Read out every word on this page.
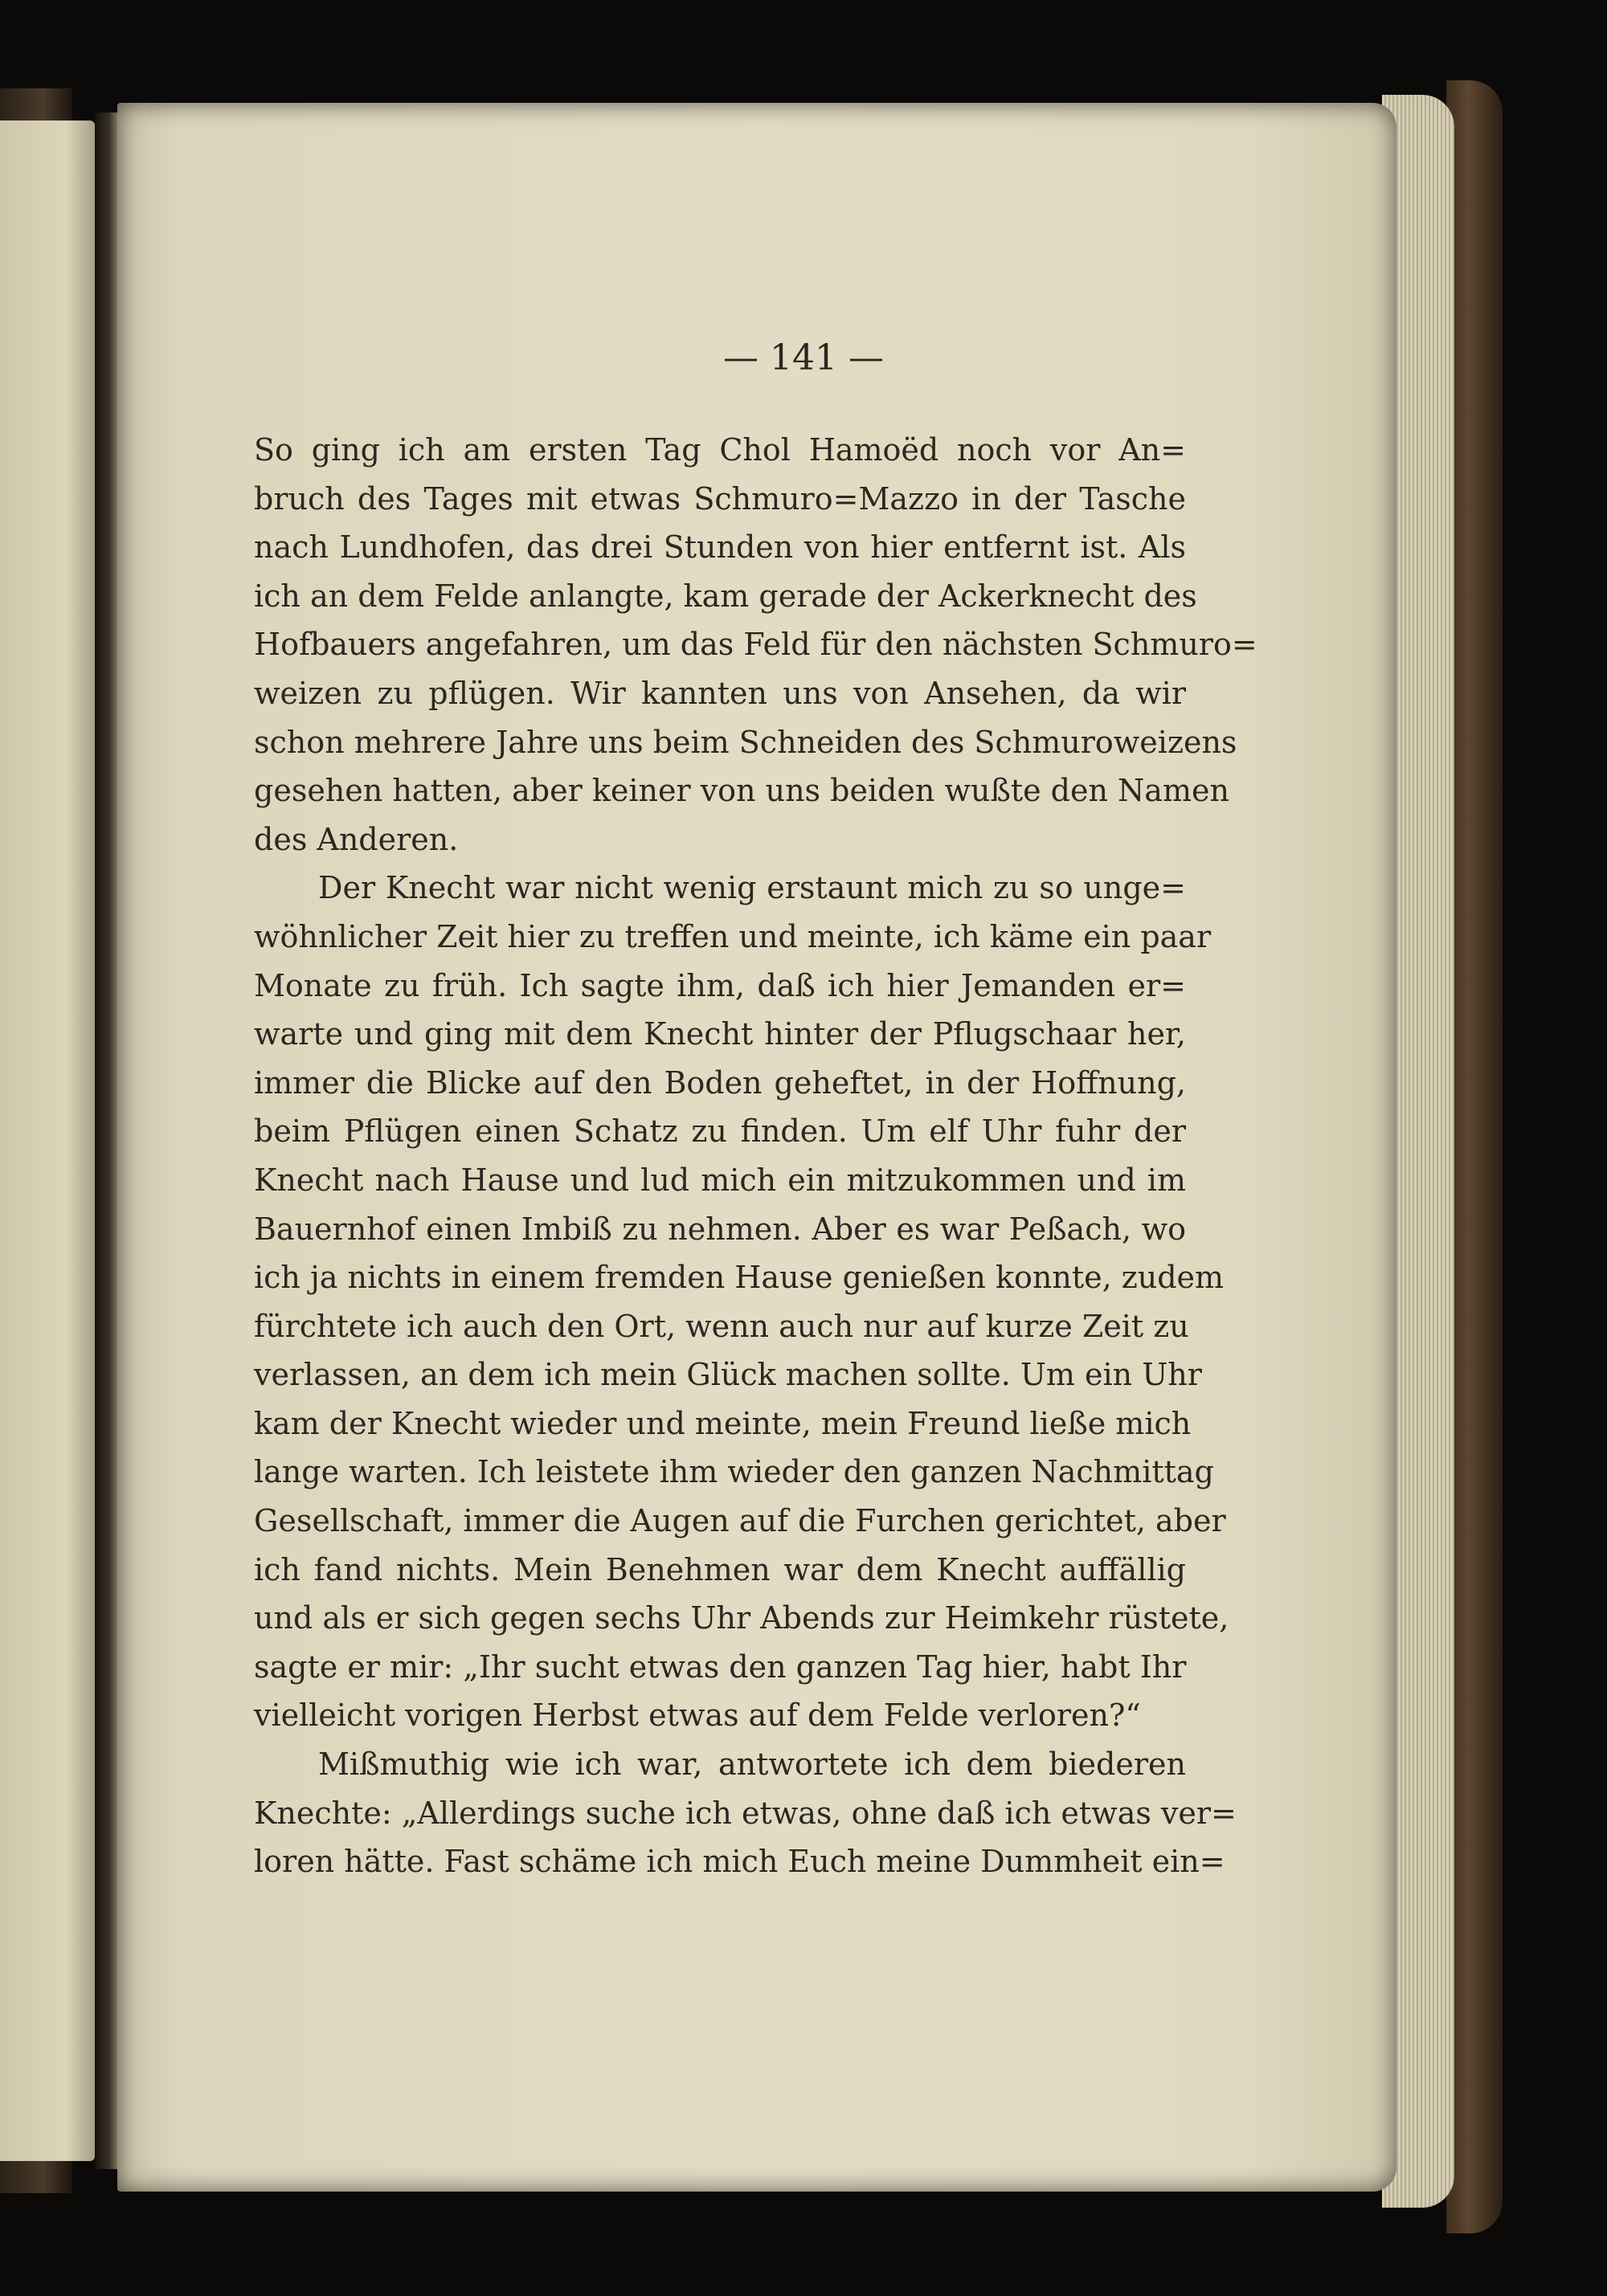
— 141 —
So ging ich am ersten Tag Chol Hamoëd noch vor An=
bruch des Tages mit etwas Schmuro=Mazzo in der Tasche
nach Lundhofen, das drei Stunden von hier entfernt ist. Als
ich an dem Felde anlangte, kam gerade der Ackerknecht des
Hofbauers angefahren, um das Feld für den nächsten Schmuro=
weizen zu pflügen. Wir kannten uns von Ansehen, da wir
schon mehrere Jahre uns beim Schneiden des Schmuroweizens
gesehen hatten, aber keiner von uns beiden wußte den Namen
des Anderen.
Der Knecht war nicht wenig erstaunt mich zu so unge=
wöhnlicher Zeit hier zu treffen und meinte, ich käme ein paar
Monate zu früh. Ich sagte ihm, daß ich hier Jemanden er=
warte und ging mit dem Knecht hinter der Pflugschaar her,
immer die Blicke auf den Boden geheftet, in der Hoffnung,
beim Pflügen einen Schatz zu finden. Um elf Uhr fuhr der
Knecht nach Hause und lud mich ein mitzukommen und im
Bauernhof einen Imbiß zu nehmen. Aber es war Peßach, wo
ich ja nichts in einem fremden Hause genießen konnte, zudem
fürchtete ich auch den Ort, wenn auch nur auf kurze Zeit zu
verlassen, an dem ich mein Glück machen sollte. Um ein Uhr
kam der Knecht wieder und meinte, mein Freund ließe mich
lange warten. Ich leistete ihm wieder den ganzen Nachmittag
Gesellschaft, immer die Augen auf die Furchen gerichtet, aber
ich fand nichts. Mein Benehmen war dem Knecht auffällig
und als er sich gegen sechs Uhr Abends zur Heimkehr rüstete,
sagte er mir: „Ihr sucht etwas den ganzen Tag hier, habt Ihr
vielleicht vorigen Herbst etwas auf dem Felde verloren?“
Mißmuthig wie ich war, antwortete ich dem biederen
Knechte: „Allerdings suche ich etwas, ohne daß ich etwas ver=
loren hätte. Fast schäme ich mich Euch meine Dummheit ein=
